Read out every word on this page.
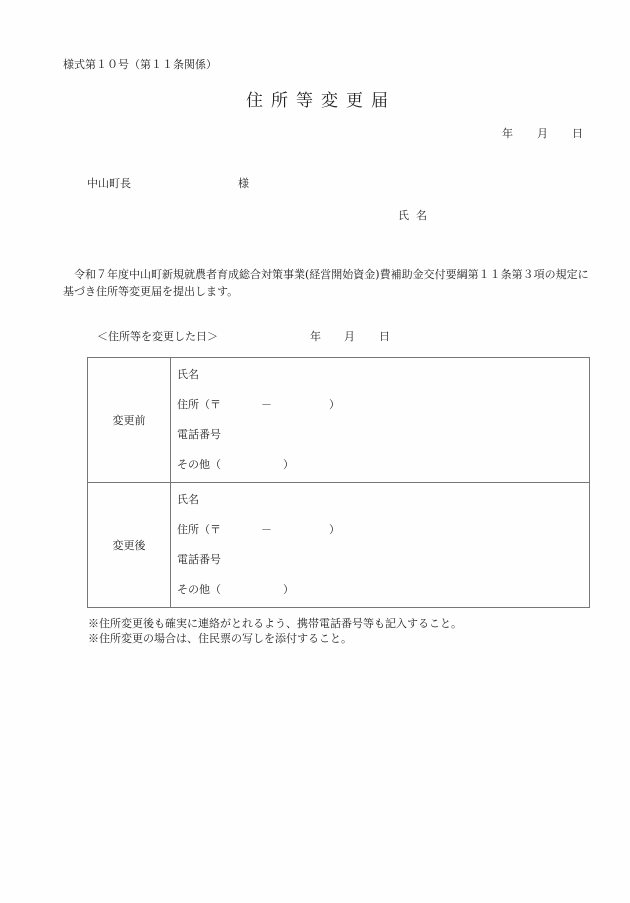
様式第１０号（第１１条関係）
住所等変更届
年 月 日
中山町長	様
氏名
令和７年度中山町新規就農者育成総合対策事業(経営開始資金)費補助金交付要綱第１１条第３項の規定に基づき住所等変更届を提出します。
＜住所等を変更した日＞	年 月 日
変更前	
氏名
住所（〒	－	）
電話番号
その他（	）

変更後	
氏名
住所（〒	－	）
電話番号
その他（	）
※住所変更後も確実に連絡がとれるよう、携帯電話番号等も記入すること。
※住所変更の場合は、住民票の写しを添付すること。
